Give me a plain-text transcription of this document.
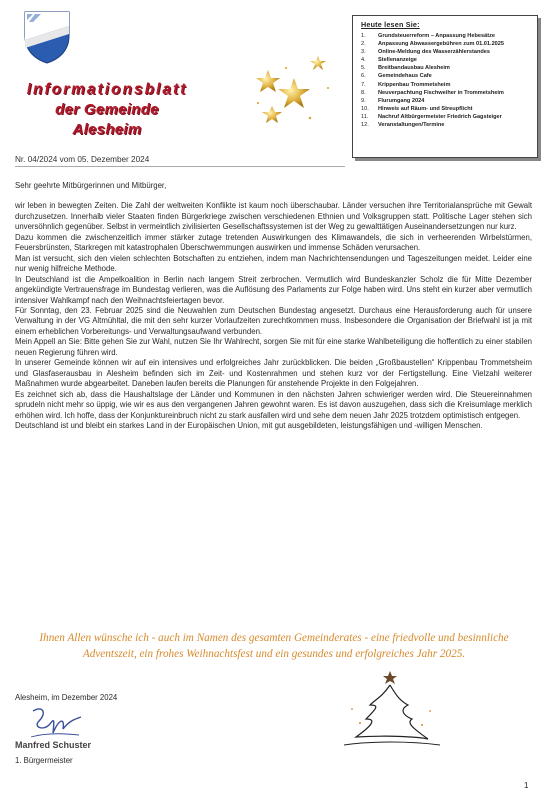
Informationsblatt
der Gemeinde Alesheim
Heute lesen Sie:
1.	Grundsteuerreform – Anpassung Hebesätze
2.	Anpassung Abwassergebühren zum 01.01.2025
3.	Online-Meldung des Wasserzählerstandes
4.	Stellenanzeige
5.	Breitbandausbau Alesheim
6.	Gemeindehaus Cafe
7.	Krippenbau Trommetsheim
8.	Neuverpachtung Fischweiher in Trommetsheim
9.	Flurumgang 2024
10.	Hinweis auf Räum- und Streupflicht
11.	Nachruf Altbürgermeister Friedrich Gagsteiger
12.	Veranstaltungen/Termine
Nr. 04/2024 vom 05. Dezember 2024

Sehr geehrte Mitbürgerinnen und Mitbürger,

wir leben in bewegten Zeiten. Die Zahl der weltweiten Konflikte ist kaum noch überschaubar. Länder versuchen ihre Territorialansprüche mit Gewalt durchzusetzen. Innerhalb vieler Staaten finden Bürgerkriege zwischen verschiedenen Ethnien und Volksgruppen statt. Politische Lager stehen sich unversöhnlich gegenüber. Selbst in vermeintlich zivilisierten Gesellschaftssystemen ist der Weg zu gewalttätigen Auseinandersetzungen nur kurz.

Dazu kommen die zwischenzeitlich immer stärker zutage tretenden Auswirkungen des Klimawandels, die sich in verheerenden Wirbelstürmen, Feuersbrünsten, Starkregen mit katastrophalen Überschwemmungen auswirken und immense Schäden verursachen.

Man ist versucht, sich den vielen schlechten Botschaften zu entziehen, indem man Nachrichtensendungen und Tageszeitungen meidet. Leider eine nur wenig hilfreiche Methode.

In Deutschland ist die Ampelkoalition in Berlin nach langem Streit zerbrochen. Vermutlich wird Bundeskanzler Scholz die für Mitte Dezember angekündigte Vertrauensfrage im Bundestag verlieren, was die Auflösung des Parlaments zur Folge haben wird. Uns steht ein kurzer aber vermutlich intensiver Wahlkampf nach den Weihnachtsfeiertagen bevor.

Für Sonntag, den 23. Februar 2025 sind die Neuwahlen zum Deutschen Bundestag angesetzt. Durchaus eine Herausforderung auch für unsere Verwaltung in der VG Altmühltal, die mit den sehr kurzer Vorlaufzeiten zurechtkommen muss. Insbesondere die Organisation der Briefwahl ist ja mit einem erheblichen Vorbereitungs- und Verwaltungsaufwand verbunden.

Mein Appell an Sie: Bitte gehen Sie zur Wahl, nutzen Sie Ihr Wahlrecht, sorgen Sie mit für eine starke Wahlbeteiligung die hoffentlich zu einer stabilen neuen Regierung führen wird.

In unserer Gemeinde können wir auf ein intensives und erfolgreiches Jahr zurückblicken. Die beiden „Großbaustellen“ Krippenbau Trommetsheim und Glasfaserausbau in Alesheim befinden sich im Zeit- und Kostenrahmen und stehen kurz vor der Fertigstellung. Eine Vielzahl weiterer Maßnahmen wurde abgearbeitet. Daneben laufen bereits die Planungen für anstehende Projekte in den Folgejahren.

Es zeichnet sich ab, dass die Haushaltslage der Länder und Kommunen in den nächsten Jahren schwieriger werden wird. Die Steuereinnahmen sprudeln nicht mehr so üppig, wie wir es aus den vergangenen Jahren gewohnt waren. Es ist davon auszugehen, dass sich die Kreisumlage merklich erhöhen wird. Ich hoffe, dass der Konjunktureinbruch nicht zu stark ausfallen wird und sehe dem neuen Jahr 2025 trotzdem optimistisch entgegen.

Deutschland ist und bleibt ein starkes Land in der Europäischen Union, mit gut ausgebildeten, leistungsfähigen und -willigen Menschen.

Ihnen Allen wünsche ich - auch im Namen des gesamten Gemeinderates - eine friedvolle und besinnliche Adventszeit, ein frohes Weihnachtsfest und ein gesundes und erfolgreiches Jahr 2025.
Alesheim, im Dezember 2024
Manfred Schuster
1. Bürgermeister
1
